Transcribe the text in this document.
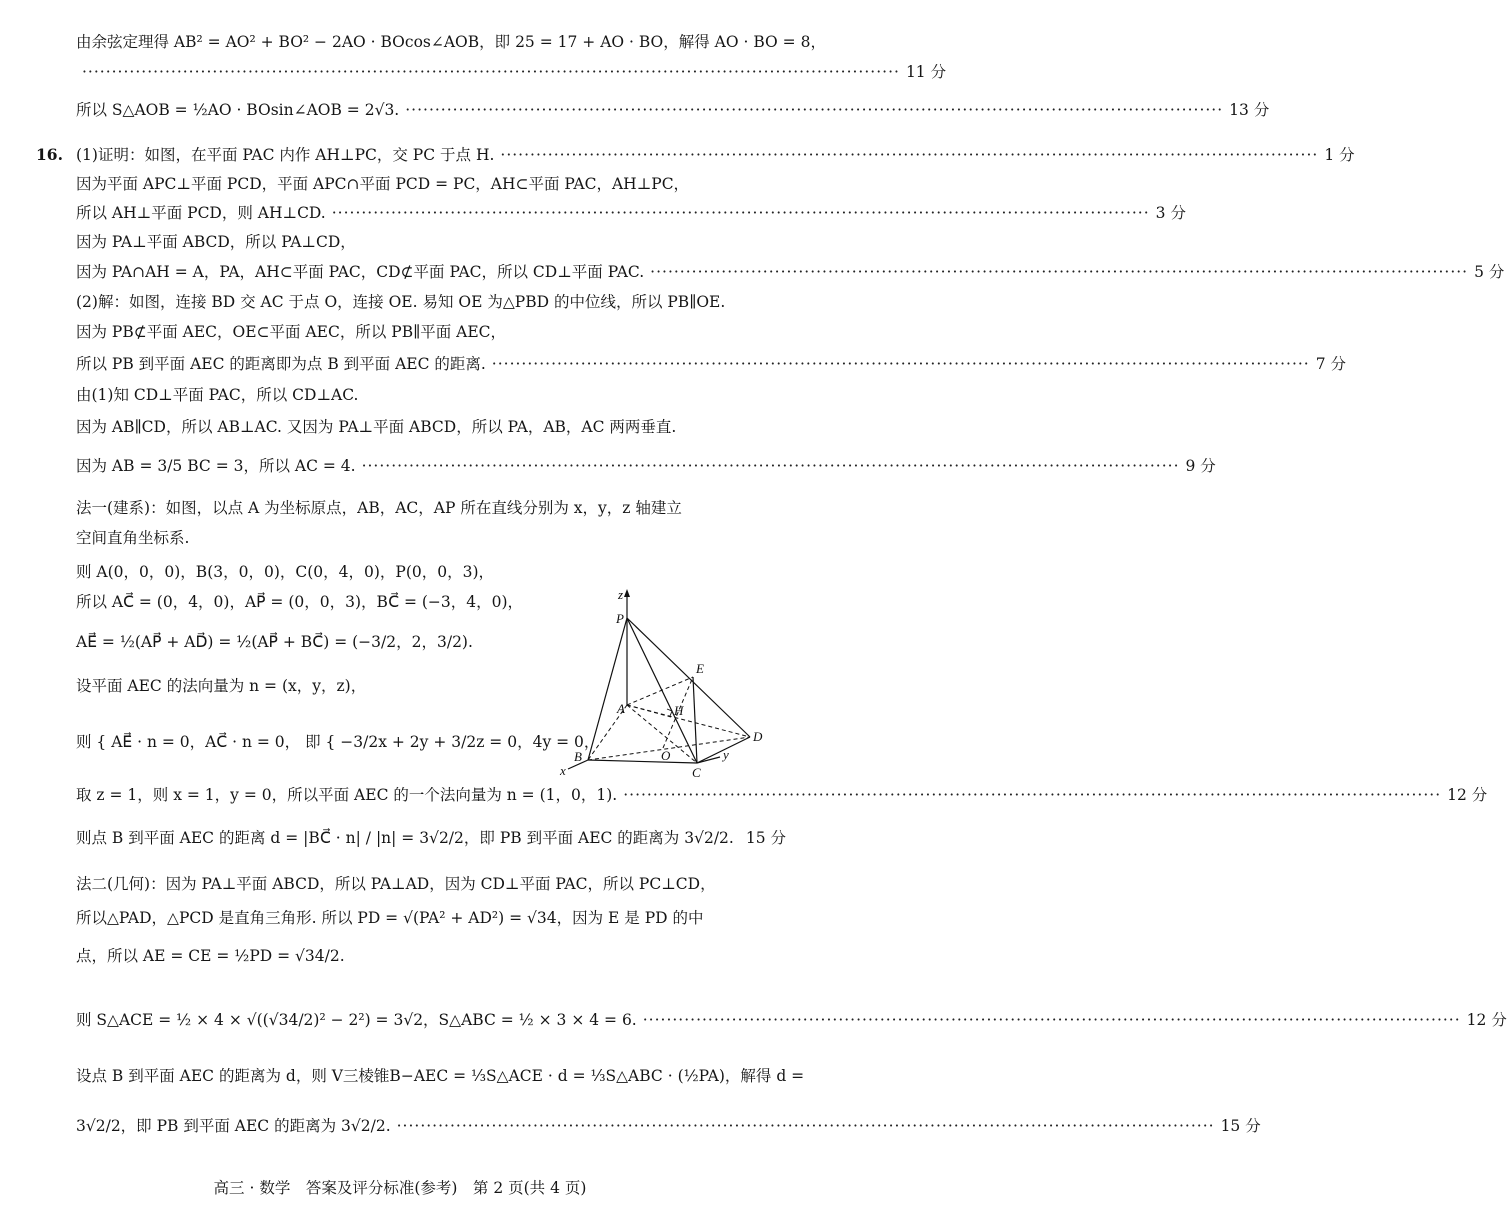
由余弦定理得 AB² = AO² + BO² − 2AO · BOcos∠AOB，即 25 = 17 + AO · BO，解得 AO · BO = 8，
·········································································································································· 11 分
所以 S△AOB = ½AO · BOsin∠AOB = 2√3. ·········································································································································· 13 分
16. (1)证明：如图，在平面 PAC 内作 AH⊥PC，交 PC 于点 H. ·········································································································································· 1 分
因为平面 APC⊥平面 PCD，平面 APC∩平面 PCD = PC，AH⊂平面 PAC，AH⊥PC，
所以 AH⊥平面 PCD，则 AH⊥CD. ·········································································································································· 3 分
因为 PA⊥平面 ABCD，所以 PA⊥CD，
因为 PA∩AH = A，PA，AH⊂平面 PAC，CD⊄平面 PAC，所以 CD⊥平面 PAC. ·········································································································································· 5 分
(2)解：如图，连接 BD 交 AC 于点 O，连接 OE. 易知 OE 为△PBD 的中位线，所以 PB∥OE.
因为 PB⊄平面 AEC，OE⊂平面 AEC，所以 PB∥平面 AEC，
所以 PB 到平面 AEC 的距离即为点 B 到平面 AEC 的距离. ·········································································································································· 7 分
由(1)知 CD⊥平面 PAC，所以 CD⊥AC.
因为 AB∥CD，所以 AB⊥AC. 又因为 PA⊥平面 ABCD，所以 PA，AB，AC 两两垂直.
因为 AB = 3/5 BC = 3，所以 AC = 4. ·········································································································································· 9 分
法一(建系)：如图，以点 A 为坐标原点，AB，AC，AP 所在直线分别为 x，y，z 轴建立
空间直角坐标系.
则 A(0，0，0)，B(3，0，0)，C(0，4，0)，P(0，0，3)，
所以 AC⃗ = (0，4，0)，AP⃗ = (0，0，3)，BC⃗ = (−3，4，0)，
AE⃗ = ½(AP⃗ + AD⃗) = ½(AP⃗ + BC⃗) = (−3/2，2，3/2).
设平面 AEC 的法向量为 n = (x，y，z)，
则 { AE⃗ · n = 0，AC⃗ · n = 0， 即 { −3/2x + 2y + 3/2z = 0，4y = 0，
取 z = 1，则 x = 1，y = 0，所以平面 AEC 的一个法向量为 n = (1，0，1). ·········································································································································· 12 分
则点 B 到平面 AEC 的距离 d = |BC⃗ · n| / |n| = 3√2/2，即 PB 到平面 AEC 的距离为 3√2/2. 15 分
法二(几何)：因为 PA⊥平面 ABCD，所以 PA⊥AD，因为 CD⊥平面 PAC，所以 PC⊥CD，
所以△PAD，△PCD 是直角三角形. 所以 PD = √(PA² + AD²) = √34，因为 E 是 PD 的中
点，所以 AE = CE = ½PD = √34/2.
则 S△ACE = ½ × 4 × √((√34/2)² − 2²) = 3√2，S△ABC = ½ × 3 × 4 = 6. ·········································································································································· 12 分
设点 B 到平面 AEC 的距离为 d，则 V三棱锥B−AEC = ⅓S△ACE · d = ⅓S△ABC · (½PA)，解得 d =
3√2/2，即 PB 到平面 AEC 的距离为 3√2/2. ·········································································································································· 15 分
z
P
E
H
A
D
B	O
C
x
y
高三 · 数学　答案及评分标准(参考)　第 2 页(共 4 页)
